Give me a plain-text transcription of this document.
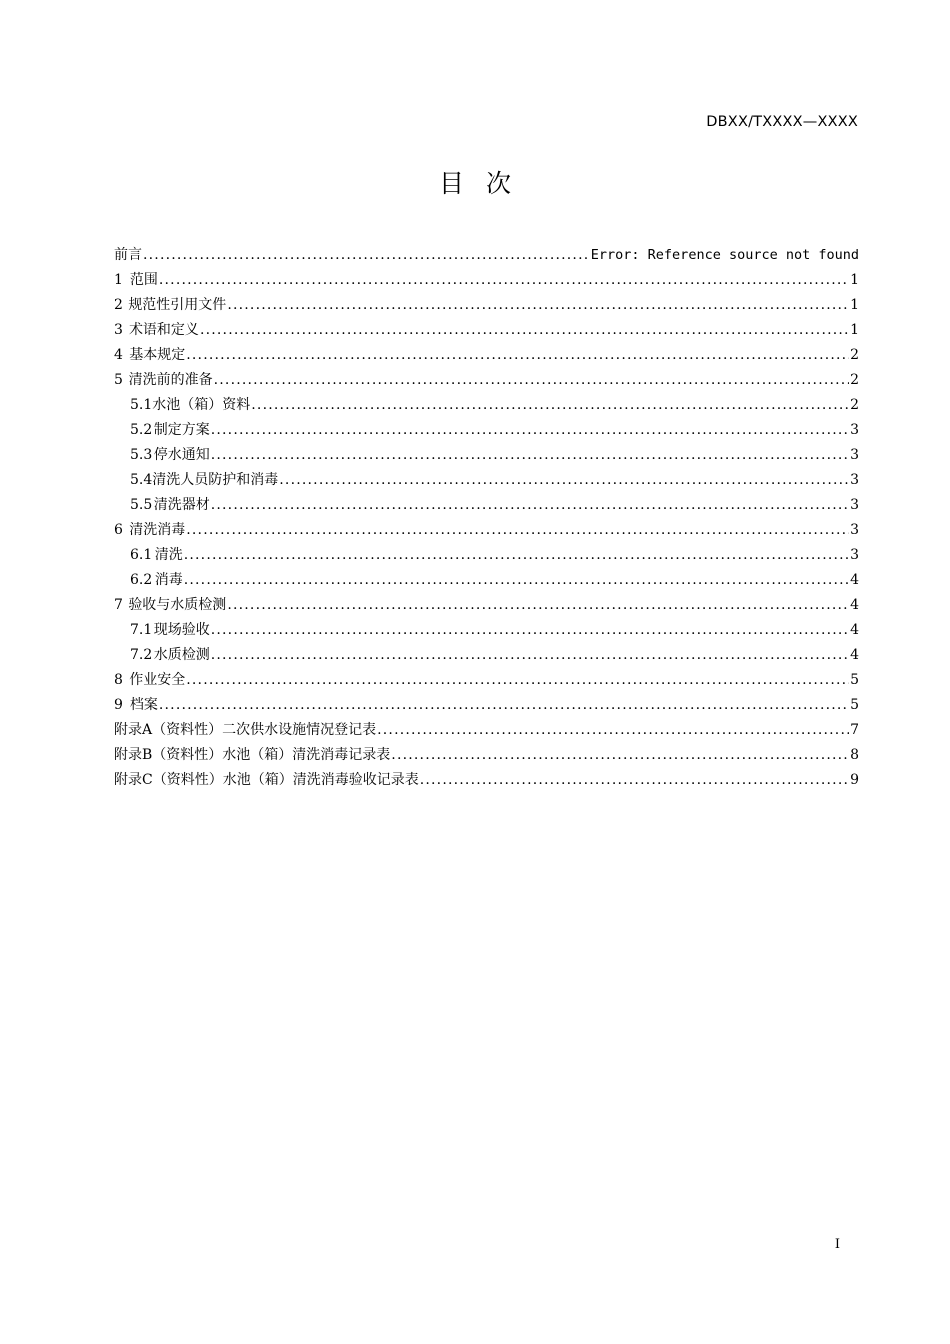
DBXX/TXXXX—XXXX
目 次
前言 .....	Error: Reference source not found
1 范围 .....	1
2 规范性引用文件 .....	1
3 术语和定义 .....	1
4 基本规定 .....	2
5 清洗前的准备 .....	2
5.1 水池（箱）资料 .....	2
5.2 制定方案 .....	3
5.3 停水通知 .....	3
5.4 清洗人员防护和消毒 .....	3
5.5 清洗器材 .....	3
6 清洗消毒 .....	3
6.1 清洗 .....	3
6.2 消毒 .....	4
7 验收与水质检测 .....	4
7.1 现场验收 .....	4
7.2 水质检测 .....	4
8 作业安全 .....	5
9 档案 .....	5
附录A（资料性） 二次供水设施情况登记表 .....	7
附录B（资料性） 水池（箱）清洗消毒记录表 .....	8
附录C（资料性） 水池（箱）清洗消毒验收记录表 .....	9
I
